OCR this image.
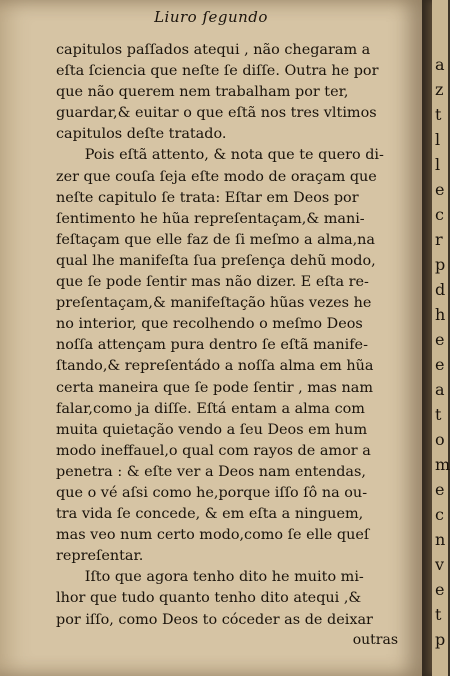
Liuro ſegundo
capitulos paſſados atequi , não chegaram a
eſta ſciencia que neſte ſe diſſe. Outra he por
que não querem nem trabalham por ter,
guardar,& euitar o que eſtã nos tres vltimos
capitulos deſte tratado.
  Pois eſtã attento, & nota que te quero di-
zer que couſa ſeja eſte modo de oraçam que
neſte capitulo ſe trata: Eſtar em Deos por
ſentimento he hũa repreſentaçam,& mani-
feſtaçam que elle faz de ſi meſmo a alma,na
qual lhe manifeſta ſua preſença dehũ modo,
que ſe pode ſentir mas não dizer. E eſta re-
preſentaçam,& manifeſtação hũas vezes he
no interior, que recolhendo o meſmo Deos
noſſa attençam pura dentro ſe eſtã manife-
ſtando,& repreſentádo a noſſa alma em hũa
certa maneira que ſe pode ſentir , mas nam
falar,como ja diſſe. Eſtá entam a alma com
muita quietação vendo a ſeu Deos em hum
modo ineffauel,o qual com rayos de amor a
penetra : & eſte ver a Deos nam entendas,
que o vé aſsi como he,porque iſſo ſô na ou-
tra vida ſe concede, & em eſta a ninguem,
mas veo num certo modo,como ſe elle queſ
repreſentar.
  Iſto que agora tenho dito he muito mi-
lhor que tudo quanto tenho dito atequi ,&
por iſſo, como Deos to cóceder as de deixar
outras
a
z
t
l
l
e
c
r
p
d
h
e
e
a
t
o
m
e
c
n
v
e
t
p
